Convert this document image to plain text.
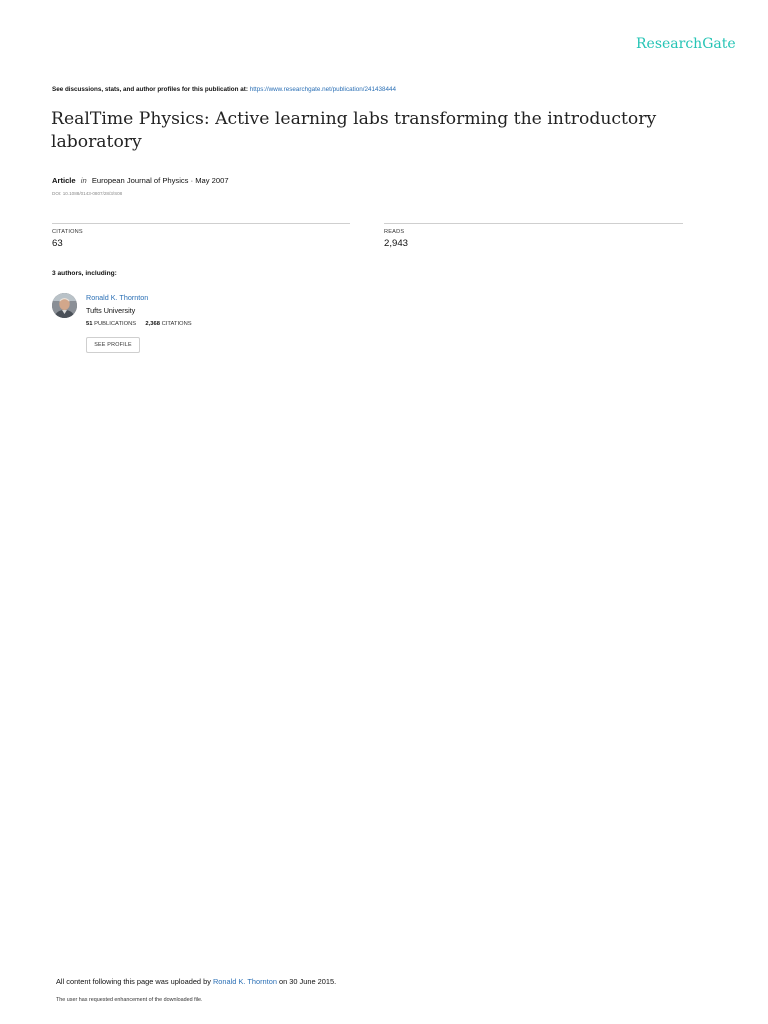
ResearchGate
See discussions, stats, and author profiles for this publication at: https://www.researchgate.net/publication/241438444
RealTime Physics: Active learning labs transforming the introductory laboratory
Article in European Journal of Physics · May 2007
DOI: 10.1088/0143-0807/28/3/S08
CITATIONS
63
READS
2,943
3 authors, including:
Ronald K. Thornton
Tufts University
51 PUBLICATIONS 2,368 CITATIONS
SEE PROFILE
All content following this page was uploaded by Ronald K. Thornton on 30 June 2015.
The user has requested enhancement of the downloaded file.
